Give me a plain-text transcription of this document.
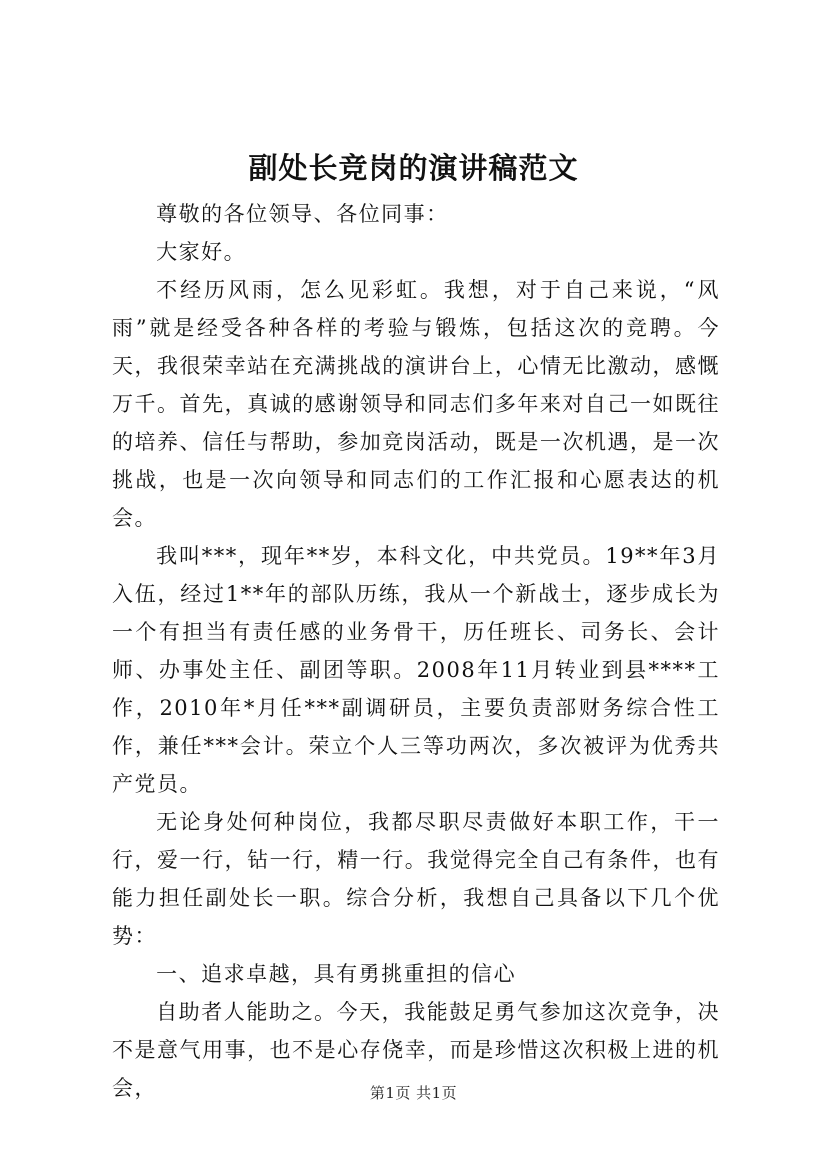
副处长竞岗的演讲稿范文

尊敬的各位领导、各位同事：

大家好。

不经历风雨，怎么见彩虹。我想，对于自己来说，“风雨”就是经受各种各样的考验与锻炼，包括这次的竞聘。今天，我很荣幸站在充满挑战的演讲台上，心情无比激动，感慨万千。首先，真诚的感谢领导和同志们多年来对自己一如既往的培养、信任与帮助，参加竞岗活动，既是一次机遇，是一次挑战，也是一次向领导和同志们的工作汇报和心愿表达的机会。

我叫***，现年**岁，本科文化，中共党员。19**年3月入伍，经过1**年的部队历练，我从一个新战士，逐步成长为一个有担当有责任感的业务骨干，历任班长、司务长、会计师、办事处主任、副团等职。2008年11月转业到县****工作，2010年*月任***副调研员，主要负责部财务综合性工作，兼任***会计。荣立个人三等功两次，多次被评为优秀共产党员。

无论身处何种岗位，我都尽职尽责做好本职工作，干一行，爱一行，钻一行，精一行。我觉得完全自己有条件，也有能力担任副处长一职。综合分析，我想自己具备以下几个优势：

一、追求卓越，具有勇挑重担的信心

自助者人能助之。今天，我能鼓足勇气参加这次竞争，决不是意气用事，也不是心存侥幸，而是珍惜这次积极上进的机会，	第1页 共1页
